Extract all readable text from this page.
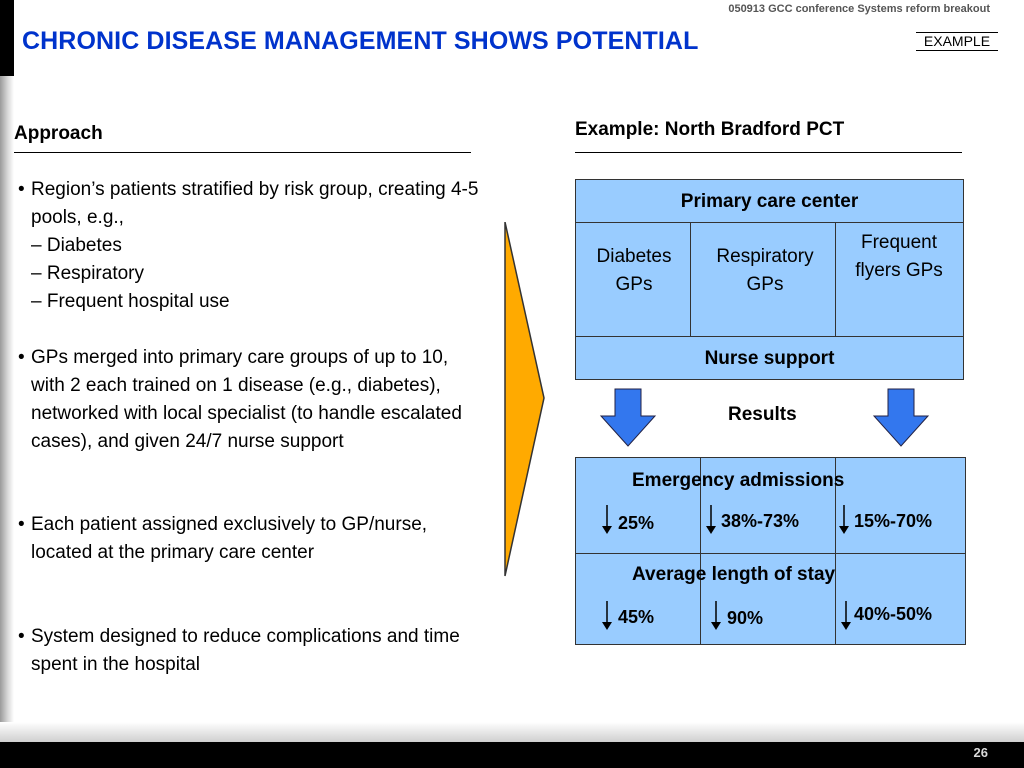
26
050913 GCC conference Systems reform breakout
EXAMPLE
CHRONIC DISEASE MANAGEMENT SHOWS POTENTIAL
Approach
• Region’s patients stratified by risk group, creating 4-5 pools, e.g.,
– Diabetes
– Respiratory
– Frequent hospital use
• GPs merged into primary care groups of up to 10, with 2 each trained on 1 disease (e.g., diabetes), networked with local specialist (to handle escalated cases), and given 24/7 nurse support
• Each patient assigned exclusively to GP/nurse, located at the primary care center
• System designed to reduce complications and time spent in the hospital
Example: North Bradford PCT
Primary care center
Diabetes GPs
Respiratory GPs
Frequent flyers GPs
Nurse support
Results
Emergency admissions
25%	38%-73%	15%-70%
Average length of stay
45%	90%	40%-50%
